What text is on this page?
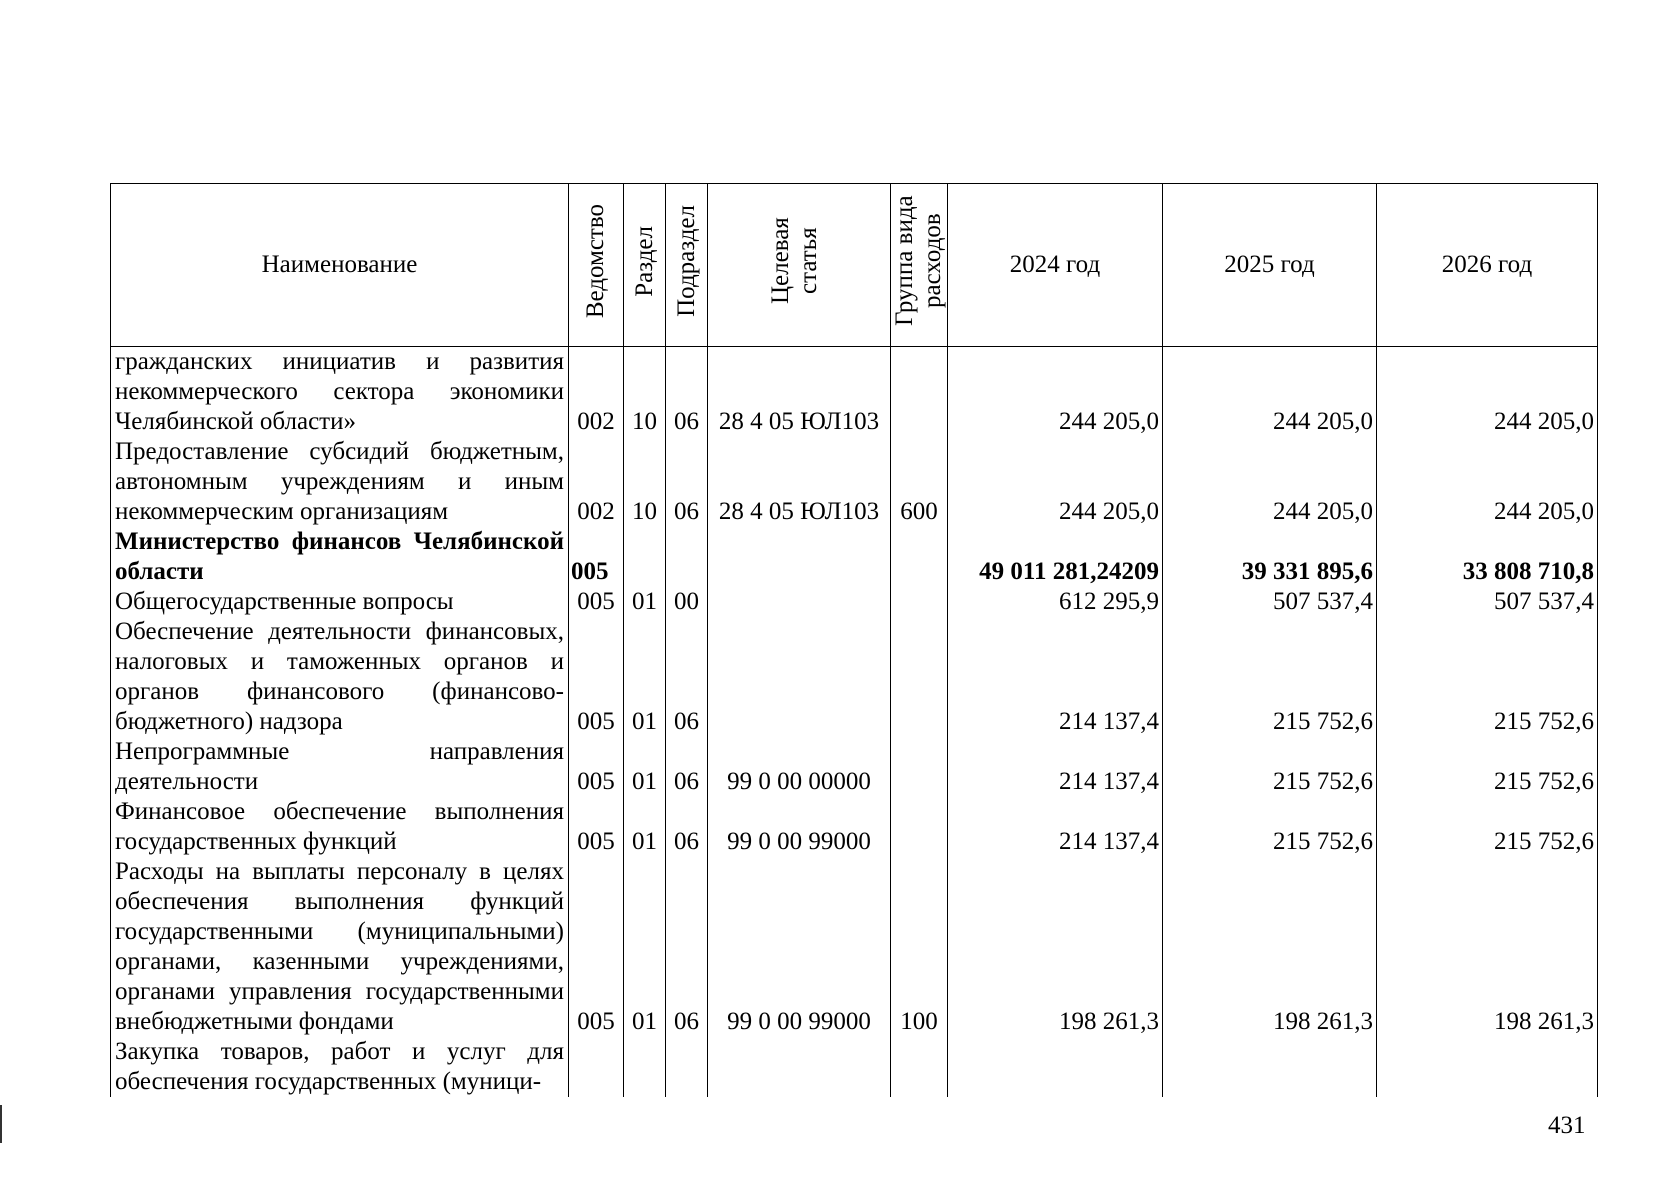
Наименование	Ведомство	Раздел	Подраздел	Целевая статья	Группа вида расходов	2024 год	2025 год	2026 год
гражданских инициатив и развития некоммерческого сектора экономики Челябинской области»	002	10	06	28 4 05 ЮЛ103		244 205,0	244 205,0	244 205,0
Предоставление субсидий бюджетным, автономным учреждениям и иным некоммерческим организациям	002	10	06	28 4 05 ЮЛ103	600	244 205,0	244 205,0	244 205,0
Министерство финансов Челябинской области	005					49 011 281,24209	39 331 895,6	33 808 710,8
Общегосударственные вопросы	005	01	00			612 295,9	507 537,4	507 537,4
Обеспечение деятельности финансовых, налоговых и таможенных органов и органов финансового (финансово-бюджетного) надзора	005	01	06			214 137,4	215 752,6	215 752,6
Непрограммные направления деятельности	005	01	06	99 0 00 00000		214 137,4	215 752,6	215 752,6
Финансовое обеспечение выполнения государственных функций	005	01	06	99 0 00 99000		214 137,4	215 752,6	215 752,6
Расходы на выплаты персоналу в целях обеспечения выполнения функций государственными (муниципальными) органами, казенными учреждениями, органами управления государственными внебюджетными фондами	005	01	06	99 0 00 99000	100	198 261,3	198 261,3	198 261,3
Закупка товаров, работ и услуг для обеспечения государственных (муници-								
431
